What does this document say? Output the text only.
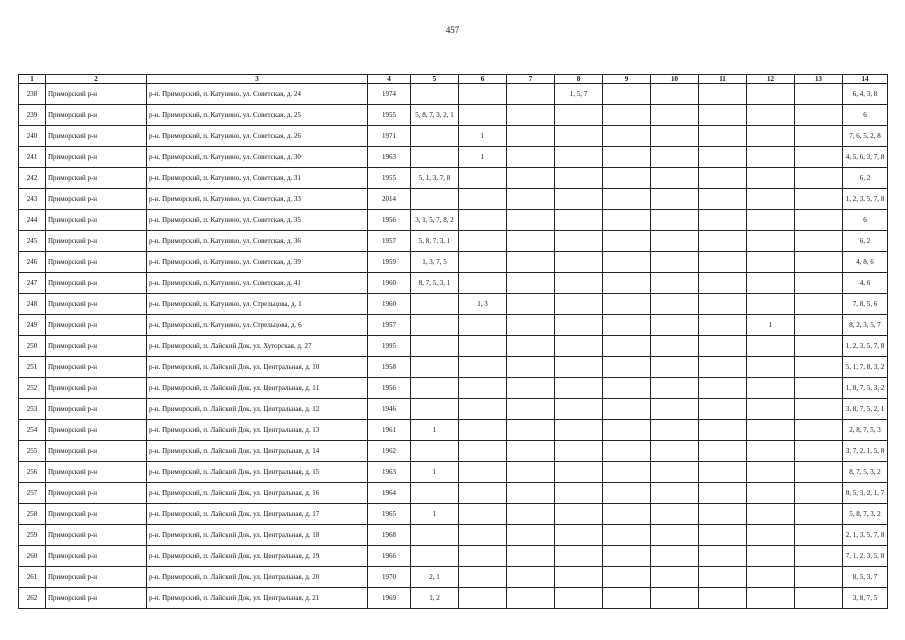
457
1	2	3	4	5	6	7	8	9	10	11	12	13	14
238	Приморский р-н	р-н. Приморский, п. Катунино, ул. Советская, д. 24	1974				1, 5, 7						6, 4, 3, 8
239	Приморский р-н	р-н. Приморский, п. Катунино, ул. Советская, д. 25	1955	5, 8, 7, 3, 2, 1									6
240	Приморский р-н	р-н. Приморский, п. Катунино, ул. Советская, д. 26	1971		1								7, 6, 5, 2, 8
241	Приморский р-н	р-н. Приморский, п. Катунино, ул. Советская, д. 30	1963		1								4, 5, 6, 3, 7, 8
242	Приморский р-н	р-н. Приморский, п. Катунино, ул. Советская, д. 31	1955	5, 1, 3, 7, 8									6, 2
243	Приморский р-н	р-н. Приморский, п. Катунино, ул. Советская, д. 33	2014										1, 2, 3, 5, 7, 8
244	Приморский р-н	р-н. Приморский, п. Катунино, ул. Советская, д. 35	1956	3, 1, 5, 7, 8, 2									6
245	Приморский р-н	р-н. Приморский, п. Катунино, ул. Советская, д. 36	1957	5, 8, 7, 3, 1									6, 2
246	Приморский р-н	р-н. Приморский, п. Катунино, ул. Советская, д. 39	1959	1, 3, 7, 5									4, 8, 6
247	Приморский р-н	р-н. Приморский, п. Катунино, ул. Советская, д. 41	1960	8, 7, 5, 3, 1									4, 6
248	Приморский р-н	р-н. Приморский, п. Катунино, ул. Стрельцова, д. 1	1960		1, 3								7, 8, 5, 6
249	Приморский р-н	р-н. Приморский, п. Катунино, ул. Стрельцова, д. 6	1957								1		8, 2, 3, 5, 7
250	Приморский р-н	р-н. Приморский, п. Лайский Док, ул. Хуторская, д. 27	1995										1, 2, 3, 5, 7, 8
251	Приморский р-н	р-н. Приморский, п. Лайский Док, ул. Центральная, д. 10	1958										5, 1, 7, 8, 3, 2
252	Приморский р-н	р-н. Приморский, п. Лайский Док, ул. Центральная, д. 11	1956										1, 8, 7, 5, 3, 2
253	Приморский р-н	р-н. Приморский, п. Лайский Док, ул. Центральная, д. 12	1946										3, 8, 7, 5, 2, 1
254	Приморский р-н	р-н. Приморский, п. Лайский Док, ул. Центральная, д. 13	1961	1									2, 8, 7, 5, 3
255	Приморский р-н	р-н. Приморский, п. Лайский Док, ул. Центральная, д. 14	1962										3, 7, 2, 1, 5, 8
256	Приморский р-н	р-н. Приморский, п. Лайский Док, ул. Центральная, д. 15	1963	1									8, 7, 5, 3, 2
257	Приморский р-н	р-н. Приморский, п. Лайский Док, ул. Центральная, д. 16	1964										8, 5, 3, 2, 1, 7
258	Приморский р-н	р-н. Приморский, п. Лайский Док, ул. Центральная, д. 17	1965	1									5, 8, 7, 3, 2
259	Приморский р-н	р-н. Приморский, п. Лайский Док, ул. Центральная, д. 18	1968										2, 1, 3, 5, 7, 8
260	Приморский р-н	р-н. Приморский, п. Лайский Док, ул. Центральная, д. 19	1966										7, 1, 2, 3, 5, 8
261	Приморский р-н	р-н. Приморский, п. Лайский Док, ул. Центральная, д. 20	1970	2, 1									8, 5, 3, 7
262	Приморский р-н	р-н. Приморский, п. Лайский Док, ул. Центральная, д. 21	1969	1, 2									3, 8, 7, 5
